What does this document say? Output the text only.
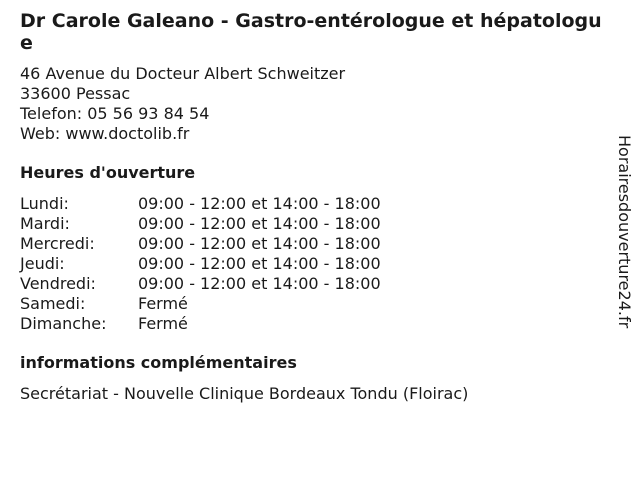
Dr Carole Galeano - Gastro-entérologue et hépatologue
46 Avenue du Docteur Albert Schweitzer
33600 Pessac
Telefon: 05 56 93 84 54
Web: www.doctolib.fr
Heures d'ouverture
Lundi:	09:00 - 12:00 et 14:00 - 18:00
Mardi:	09:00 - 12:00 et 14:00 - 18:00
Mercredi:	09:00 - 12:00 et 14:00 - 18:00
Jeudi:	09:00 - 12:00 et 14:00 - 18:00
Vendredi:	09:00 - 12:00 et 14:00 - 18:00
Samedi:	Fermé
Dimanche:	Fermé
informations complémentaires
Secrétariat - Nouvelle Clinique Bordeaux Tondu (Floirac)
Horairesdouverture24.fr
